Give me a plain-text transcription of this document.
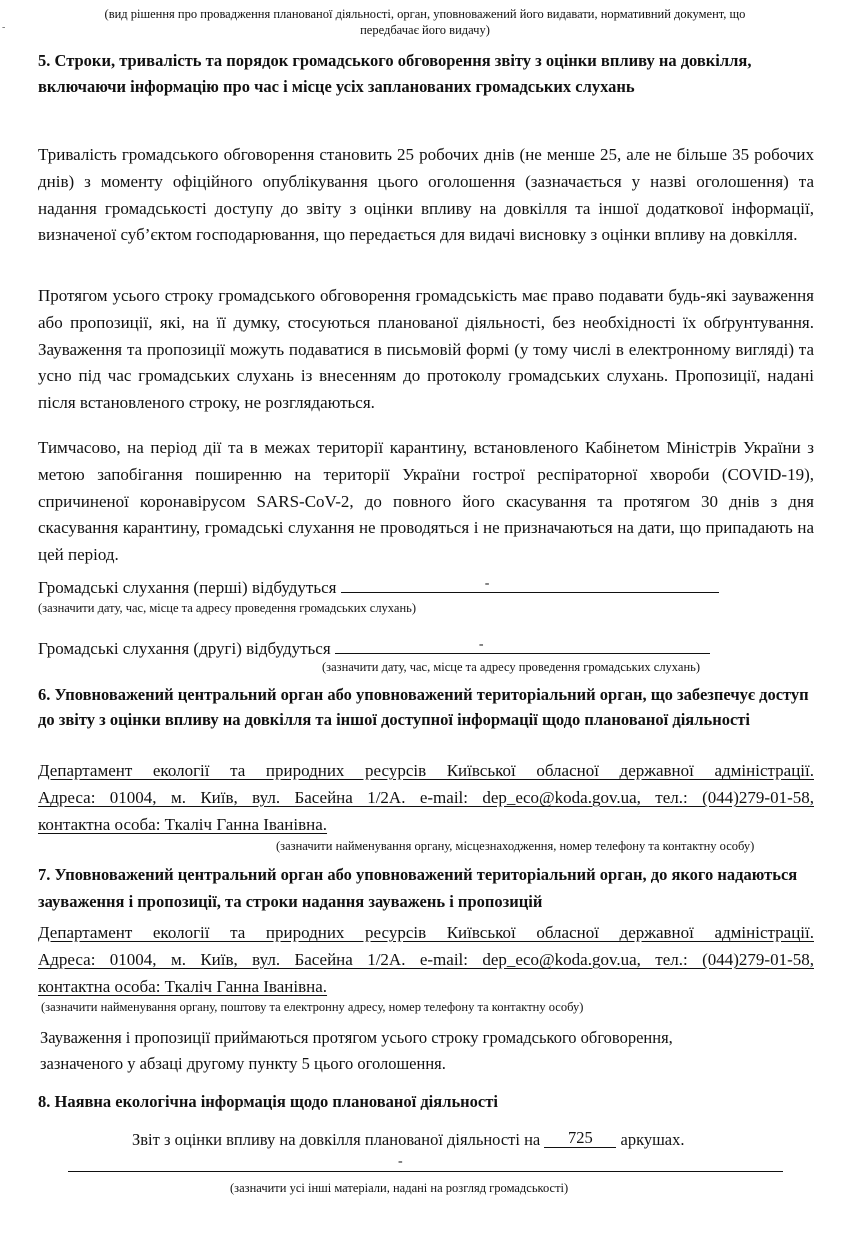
‐
(вид рішення про провадження планованої діяльності, орган, уповноважений його видавати, нормативний документ, що
передбачає його видачу)
5. Строки, тривалість та порядок громадського обговорення звіту з оцінки впливу на довкілля, включаючи інформацію про час і місце усіх запланованих громадських слухань
Тривалість громадського обговорення становить 25 робочих днів (не менше 25, але не більше 35 робочих днів) з моменту офіційного опублікування цього оголошення (зазначається у назві оголошення) та надання громадськості доступу до звіту з оцінки впливу на довкілля та іншої додаткової інформації, визначеної суб’єктом господарювання, що передається для видачі висновку з оцінки впливу на довкілля.
Протягом усього строку громадського обговорення громадськість має право подавати будь-які зауваження або пропозиції, які, на її думку, стосуються планованої діяльності, без необхідності їх обґрунтування. Зауваження та пропозиції можуть подаватися в письмовій формі (у тому числі в електронному вигляді) та усно під час громадських слухань із внесенням до протоколу громадських слухань. Пропозиції, надані після встановленого строку, не розглядаються.
Тимчасово, на період дії та в межах території карантину, встановленого Кабінетом Міністрів України з метою запобігання поширенню на території України гострої респіраторної хвороби (COVID-19), спричиненої коронавірусом SARS-CoV-2, до повного його скасування та протягом 30 днів з дня скасування карантину, громадські слухання не проводяться і не призначаються на дати, що припадають на цей період.
Громадські слухання (перші) відбудуться	-
(зазначити дату, час, місце та адресу проведення громадських слухань)
Громадські слухання (другі) відбудуться	-
(зазначити дату, час, місце та адресу проведення громадських слухань)
6. Уповноважений центральний орган або уповноважений територіальний орган, що забезпечує доступ до звіту з оцінки впливу на довкілля та іншої доступної інформації щодо планованої діяльності
Департамент екології та природних ресурсів Київської обласної державної адміністрації.
Адреса: 01004, м. Київ, вул. Басейна 1/2А. e-mail: dep_eco@koda.gov.ua, тел.: (044)279-01-58,
контактна особа: Ткаліч Ганна Іванівна.
(зазначити найменування органу, місцезнаходження, номер телефону та контактну особу)
7. Уповноважений центральний орган або уповноважений територіальний орган, до якого надаються зауваження і пропозиції, та строки надання зауважень і пропозицій
Департамент екології та природних ресурсів Київської обласної державної адміністрації.
Адреса: 01004, м. Київ, вул. Басейна 1/2А. e-mail: dep_eco@koda.gov.ua, тел.: (044)279-01-58,
контактна особа: Ткаліч Ганна Іванівна.
(зазначити найменування органу, поштову та електронну адресу, номер телефону та контактну особу)
Зауваження і пропозиції приймаються протягом усього строку громадського обговорення,
зазначеного у абзаці другому пункту 5 цього оголошення.
8. Наявна екологічна інформація щодо планованої діяльності
Звіт з оцінки впливу на довкілля планованої діяльності на 725 аркушах.
-
(зазначити усі інші матеріали, надані на розгляд громадськості)
